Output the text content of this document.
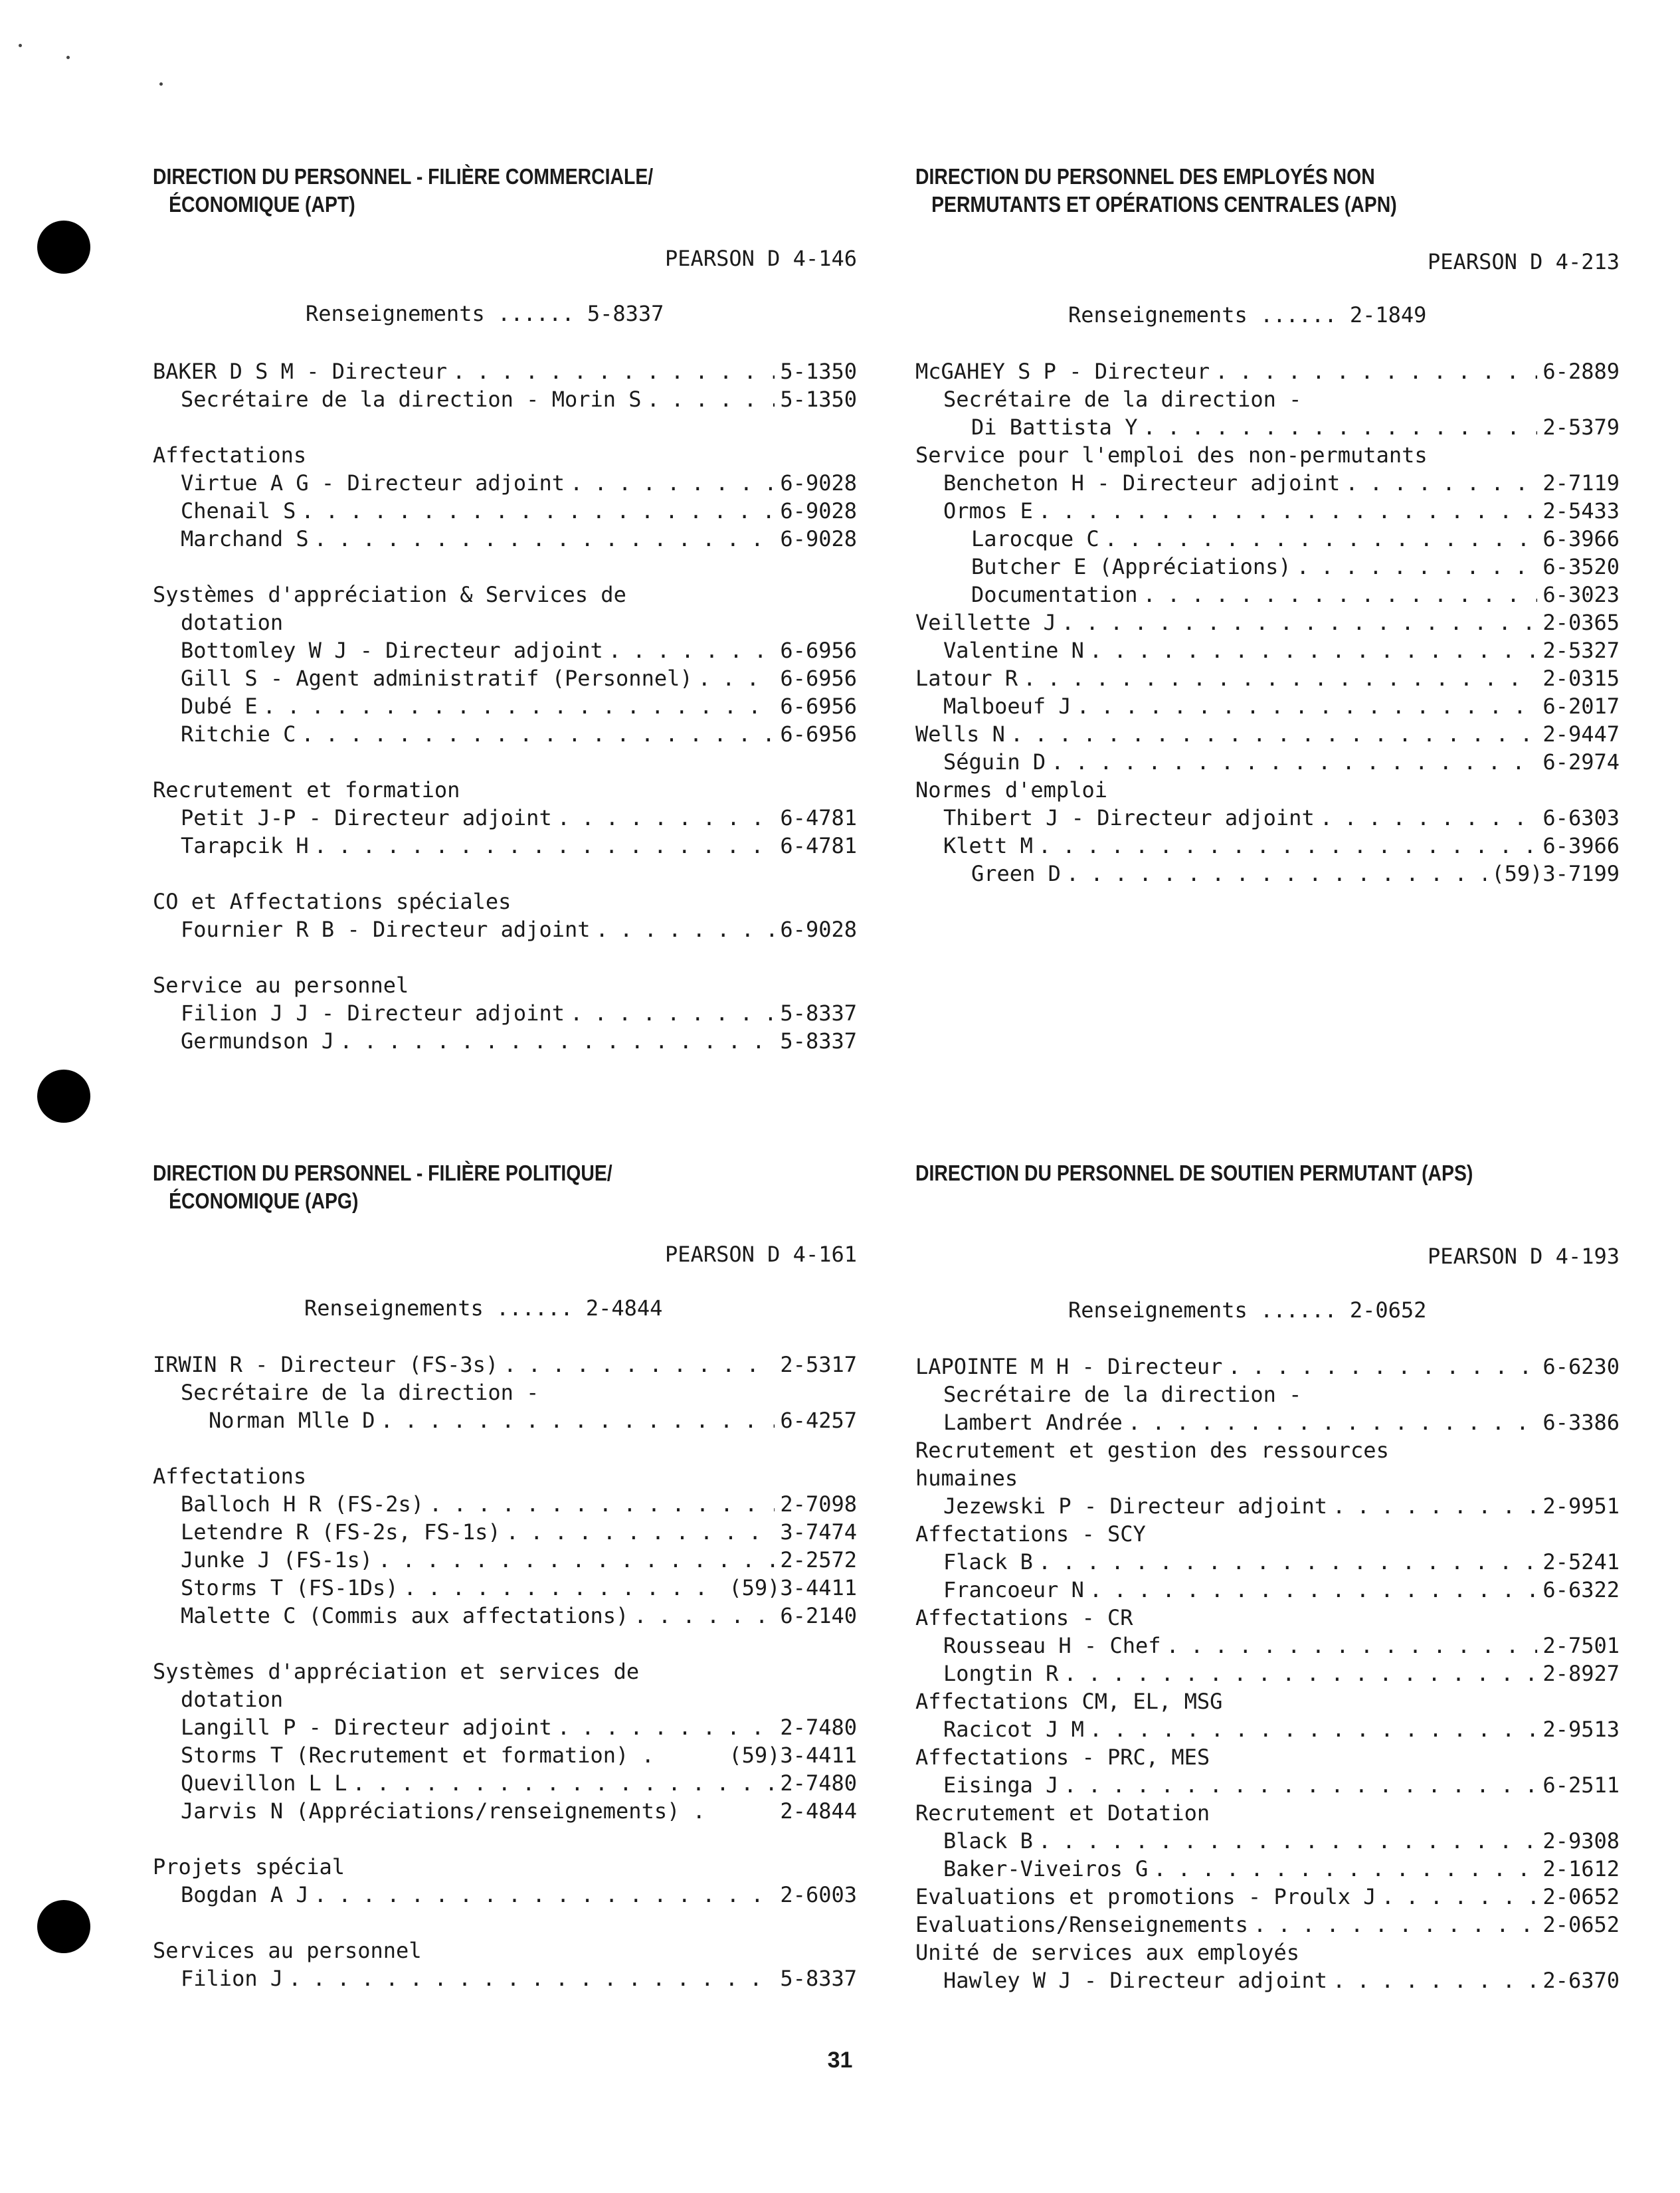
DIRECTION DU PERSONNEL - FILIÈRE COMMERCIALE/
ÉCONOMIQUE (APT)
PEARSON D 4-146
Renseignements ...... 5-8337
BAKER D S M - Directeur . . .	5-1350
Secrétaire de la direction - Morin S . . .	5-1350
Affectations
Virtue A G - Directeur adjoint . . .	6-9028
Chenail S . . .	6-9028
Marchand S . . .	6-9028
Systèmes d'appréciation & Services de
dotation
Bottomley W J - Directeur adjoint . . .	6-6956
Gill S - Agent administratif (Personnel) . . .	6-6956
Dubé E . . .	6-6956
Ritchie C . . .	6-6956
Recrutement et formation
Petit J-P - Directeur adjoint . . .	6-4781
Tarapcik H . . .	6-4781
CO et Affectations spéciales
Fournier R B - Directeur adjoint . . .	6-9028
Service au personnel
Filion J J - Directeur adjoint . . .	5-8337
Germundson J . . .	5-8337
DIRECTION DU PERSONNEL DES EMPLOYÉS NON
PERMUTANTS ET OPÉRATIONS CENTRALES (APN)
PEARSON D 4-213
Renseignements ...... 2-1849
McGAHEY S P - Directeur . . .	6-2889
Secrétaire de la direction -
Di Battista Y . . .	2-5379
Service pour l'emploi des non-permutants
Bencheton H - Directeur adjoint . . .	2-7119
Ormos E . . .	2-5433
Larocque C . . .	6-3966
Butcher E (Appréciations) . . .	6-3520
Documentation . . .	6-3023
Veillette J . . .	2-0365
Valentine N . . .	2-5327
Latour R . . .	2-0315
Malboeuf J . . .	6-2017
Wells N . . .	2-9447
Séguin D . . .	6-2974
Normes d'emploi
Thibert J - Directeur adjoint . . .	6-6303
Klett M . . .	6-3966
Green D . . .	(59)3-7199
DIRECTION DU PERSONNEL - FILIÈRE POLITIQUE/
ÉCONOMIQUE (APG)
PEARSON D 4-161
Renseignements ...... 2-4844
IRWIN R - Directeur (FS-3s) . . .	2-5317
Secrétaire de la direction -
Norman Mlle D . . .	6-4257
Affectations
Balloch H R (FS-2s) . . .	2-7098
Letendre R (FS-2s, FS-1s) . . .	3-7474
Junke J (FS-1s) . . .	2-2572
Storms T (FS-1Ds) . . .	(59)3-4411
Malette C (Commis aux affectations) . . .	6-2140
Systèmes d'appréciation et services de
dotation
Langill P - Directeur adjoint . . .	2-7480
Storms T (Recrutement et formation) .	(59)3-4411
Quevillon L L . . .	2-7480
Jarvis N (Appréciations/renseignements) .	2-4844
Projets spécial
Bogdan A J . . .	2-6003
Services au personnel
Filion J . . .	5-8337
DIRECTION DU PERSONNEL DE SOUTIEN PERMUTANT (APS)
PEARSON D 4-193
Renseignements ...... 2-0652
LAPOINTE M H - Directeur . . .	6-6230
Secrétaire de la direction -
Lambert Andrée . . .	6-3386
Recrutement et gestion des ressources
humaines
Jezewski P - Directeur adjoint . . .	2-9951
Affectations - SCY
Flack B . . .	2-5241
Francoeur N . . .	6-6322
Affectations - CR
Rousseau H - Chef . . .	2-7501
Longtin R . . .	2-8927
Affectations CM, EL, MSG
Racicot J M . . .	2-9513
Affectations - PRC, MES
Eisinga J . . .	6-2511
Recrutement et Dotation
Black B . . .	2-9308
Baker-Viveiros G . . .	2-1612
Evaluations et promotions - Proulx J . . .	2-0652
Evaluations/Renseignements . . .	2-0652
Unité de services aux employés
Hawley W J - Directeur adjoint . . .	2-6370
31
